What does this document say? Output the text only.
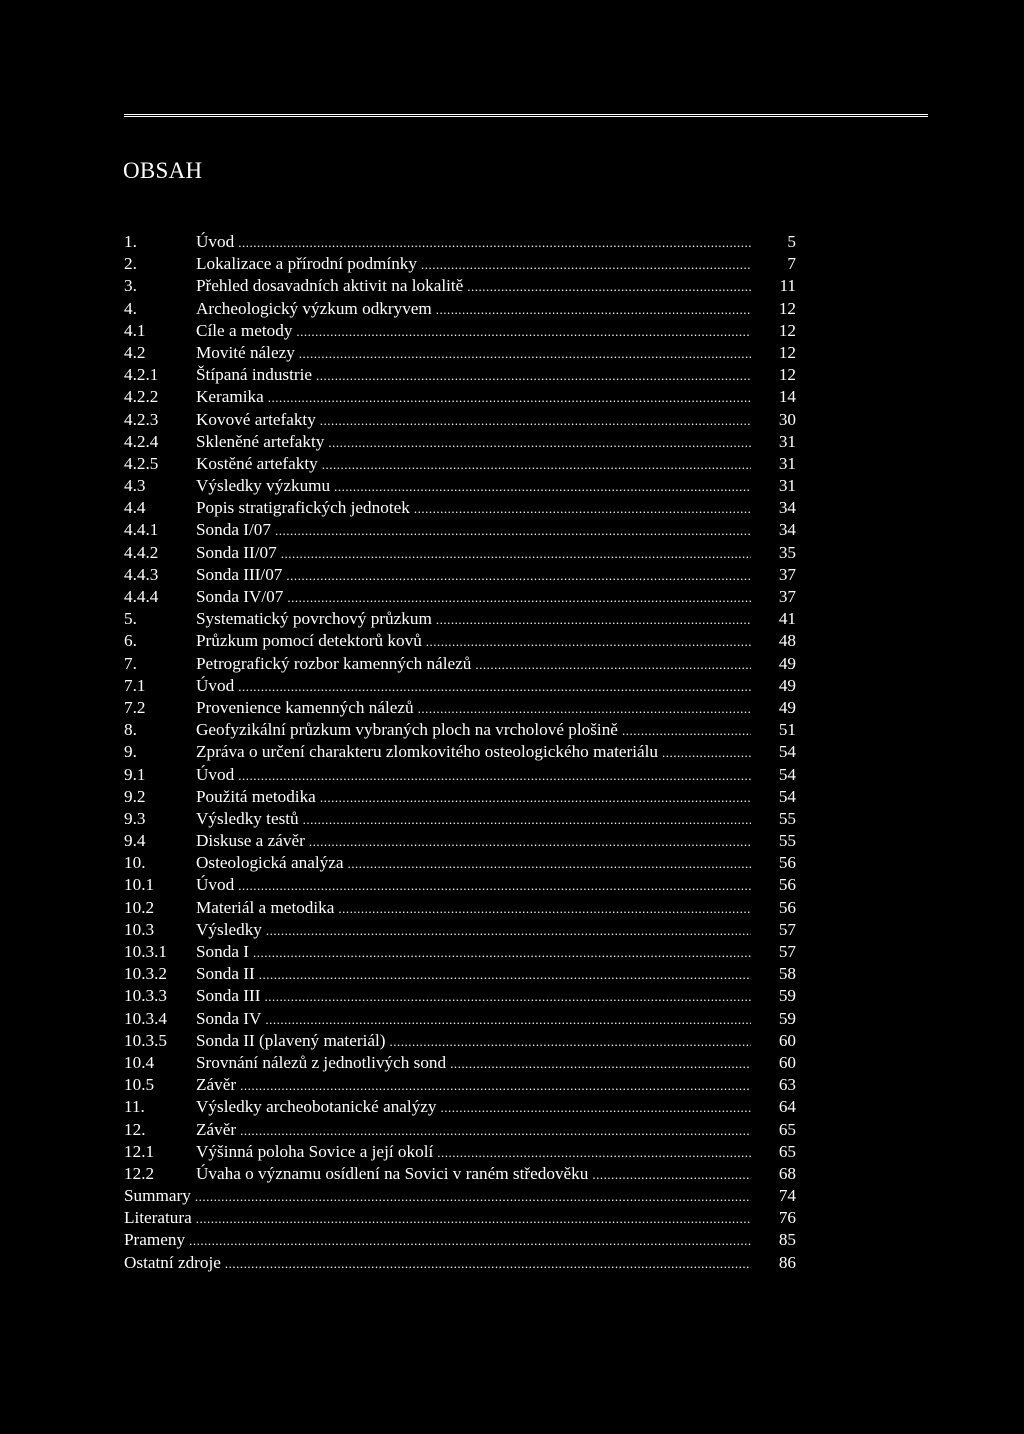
OBSAH
1.	Úvod .....	5
2.	Lokalizace a přírodní podmínky .....	7
3.	Přehled dosavadních aktivit na lokalitě .....	11
4.	Archeologický výzkum odkryvem .....	12
4.1	Cíle a metody .....	12
4.2	Movité nálezy .....	12
4.2.1 Štípaná industrie .....	12
4.2.2 Keramika .....	14
4.2.3 Kovové artefakty .....	30
4.2.4 Skleněné artefakty .....	31
4.2.5 Kostěné artefakty .....	31
4.3	Výsledky výzkumu .....	31
4.4	Popis stratigrafických jednotek .....	34
4.4.1 Sonda I/07 .....	34
4.4.2 Sonda II/07 .....	35
4.4.3 Sonda III/07 .....	37
4.4.4 Sonda IV/07 .....	37
5.	Systematický povrchový průzkum .....	41
6.	Průzkum pomocí detektorů kovů .....	48
7.	Petrografický rozbor kamenných nálezů .....	49
7.1	Úvod .....	49
7.2	Provenience kamenných nálezů .....	49
8.	Geofyzikální průzkum vybraných ploch na vrcholové plošině .....	51
9.	Zpráva o určení charakteru zlomkovitého osteologického materiálu .....	54
9.1	Úvod .....	54
9.2	Použitá metodika .....	54
9.3	Výsledky testů .....	55
9.4	Diskuse a závěr .....	55
10.	Osteologická analýza .....	56
10.1 Úvod .....	56
10.2 Materiál a metodika .....	56
10.3 Výsledky .....	57
10.3.1 Sonda I .....	57
10.3.2 Sonda II .....	58
10.3.3 Sonda III .....	59
10.3.4 Sonda IV .....	59
10.3.5 Sonda II (plavený materiál) .....	60
10.4 Srovnání nálezů z jednotlivých sond .....	60
10.5 Závěr .....	63
11.	Výsledky archeobotanické analýzy .....	64
12.	Závěr .....	65
12.1 Výšinná poloha Sovice a její okolí .....	65
12.2 Úvaha o významu osídlení na Sovici v raném středověku .....	68
Summary .....	74
Literatura .....	76
Prameny .....	85
Ostatní zdroje .....	86
